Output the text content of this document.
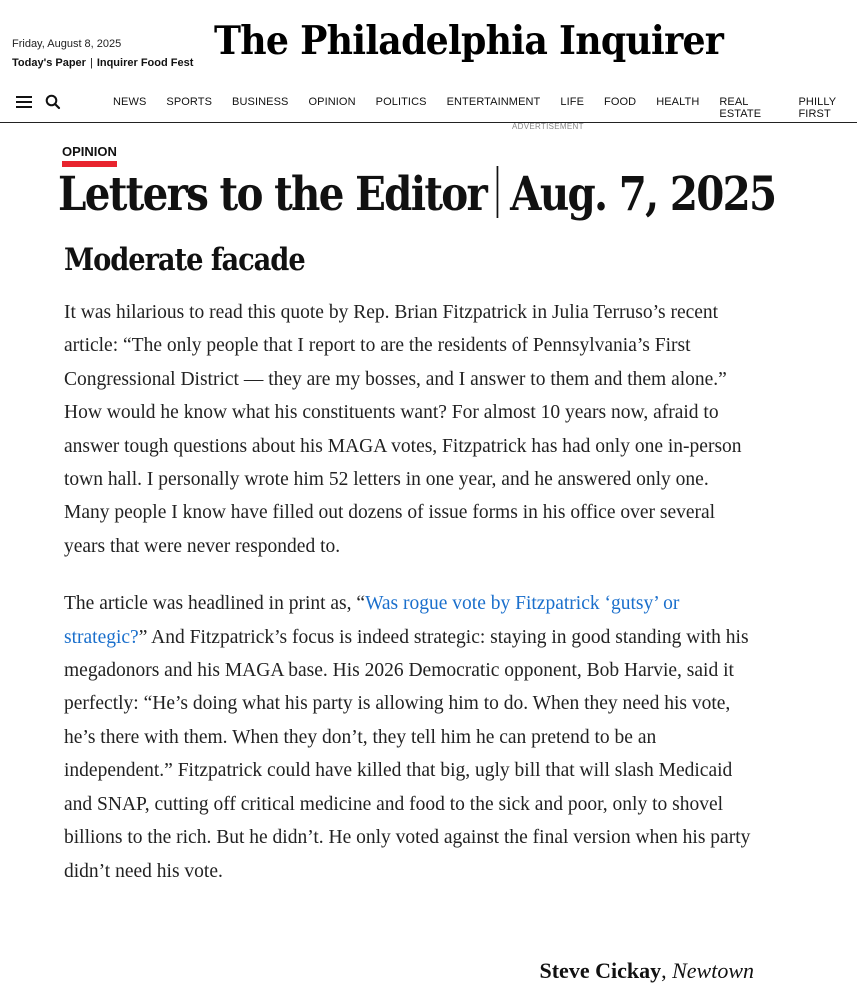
Friday, August 8, 2025
Today's Paper | Inquirer Food Fest The Philadelphia Inquirer
NEWS SPORTS BUSINESS OPINION POLITICS ENTERTAINMENT LIFE FOOD HEALTH REAL ESTATE
PHILLY FIRST
ADVERTISEMENT
OPINION
Letters to the Editor Aug. 7, 2025
Moderate facade

It was hilarious to read this quote by Rep. Brian Fitzpatrick in Julia Terruso’s recent article: “The only people that I report to are the residents of Pennsylvania’s First Congressional District — they are my bosses, and I answer to them and them alone.” How would he know what his constituents want? For almost 10 years now, afraid to answer tough questions about his MAGA votes, Fitzpatrick has had only one in-person town hall. I personally wrote him 52 letters in one year, and he answered only one. Many people I know have filled out dozens of issue forms in his office over several years that were never responded to.

The article was headlined in print as, “Was rogue vote by Fitzpatrick ‘gutsy’ or strategic?” And Fitzpatrick’s focus is indeed strategic: staying in good standing with his megadonors and his MAGA base. His 2026 Democratic opponent, Bob Harvie, said it perfectly: “He’s doing what his party is allowing him to do. When they need his vote, he’s there with them. When they don’t, they tell him he can pretend to be an independent.” Fitzpatrick could have killed that big, ugly bill that will slash Medicaid and SNAP, cutting off critical medicine and food to the sick and poor, only to shovel billions to the rich. But he didn’t. He only voted against the final version when his party didn’t need his vote.

Steve Cickay, Newtown
